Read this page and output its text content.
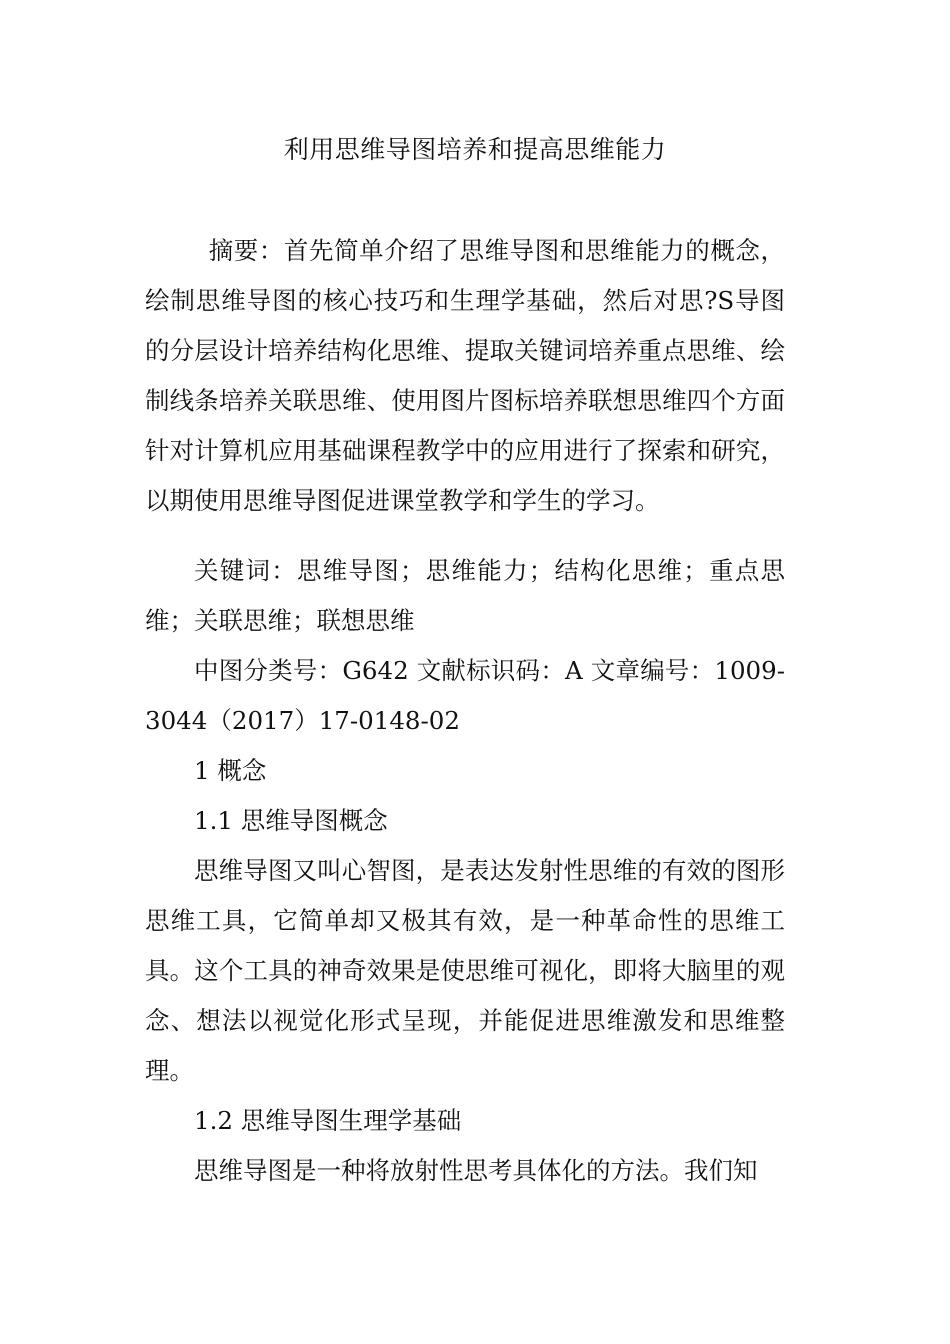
利用思维导图培养和提高思维能力

摘要：首先简单介绍了思维导图和思维能力的概念，绘制思维导图的核心技巧和生理学基础，然后对思?S导图的分层设计培养结构化思维、提取关键词培养重点思维、绘制线条培养关联思维、使用图片图标培养联想思维四个方面针对计算机应用基础课程教学中的应用进行了探索和研究，以期使用思维导图促进课堂教学和学生的学习。

关键词：思维导图；思维能力；结构化思维；重点思维；关联思维；联想思维

中图分类号：G642 文献标识码：A 文章编号：1009-3044（2017）17-0148-02

1 概念

1.1 思维导图概念

思维导图又叫心智图，是表达发射性思维的有效的图形思维工具，它简单却又极其有效，是一种革命性的思维工具。这个工具的神奇效果是使思维可视化，即将大脑里的观念、想法以视觉化形式呈现，并能促进思维激发和思维整理。

1.2 思维导图生理学基础

思维导图是一种将放射性思考具体化的方法。我们知
